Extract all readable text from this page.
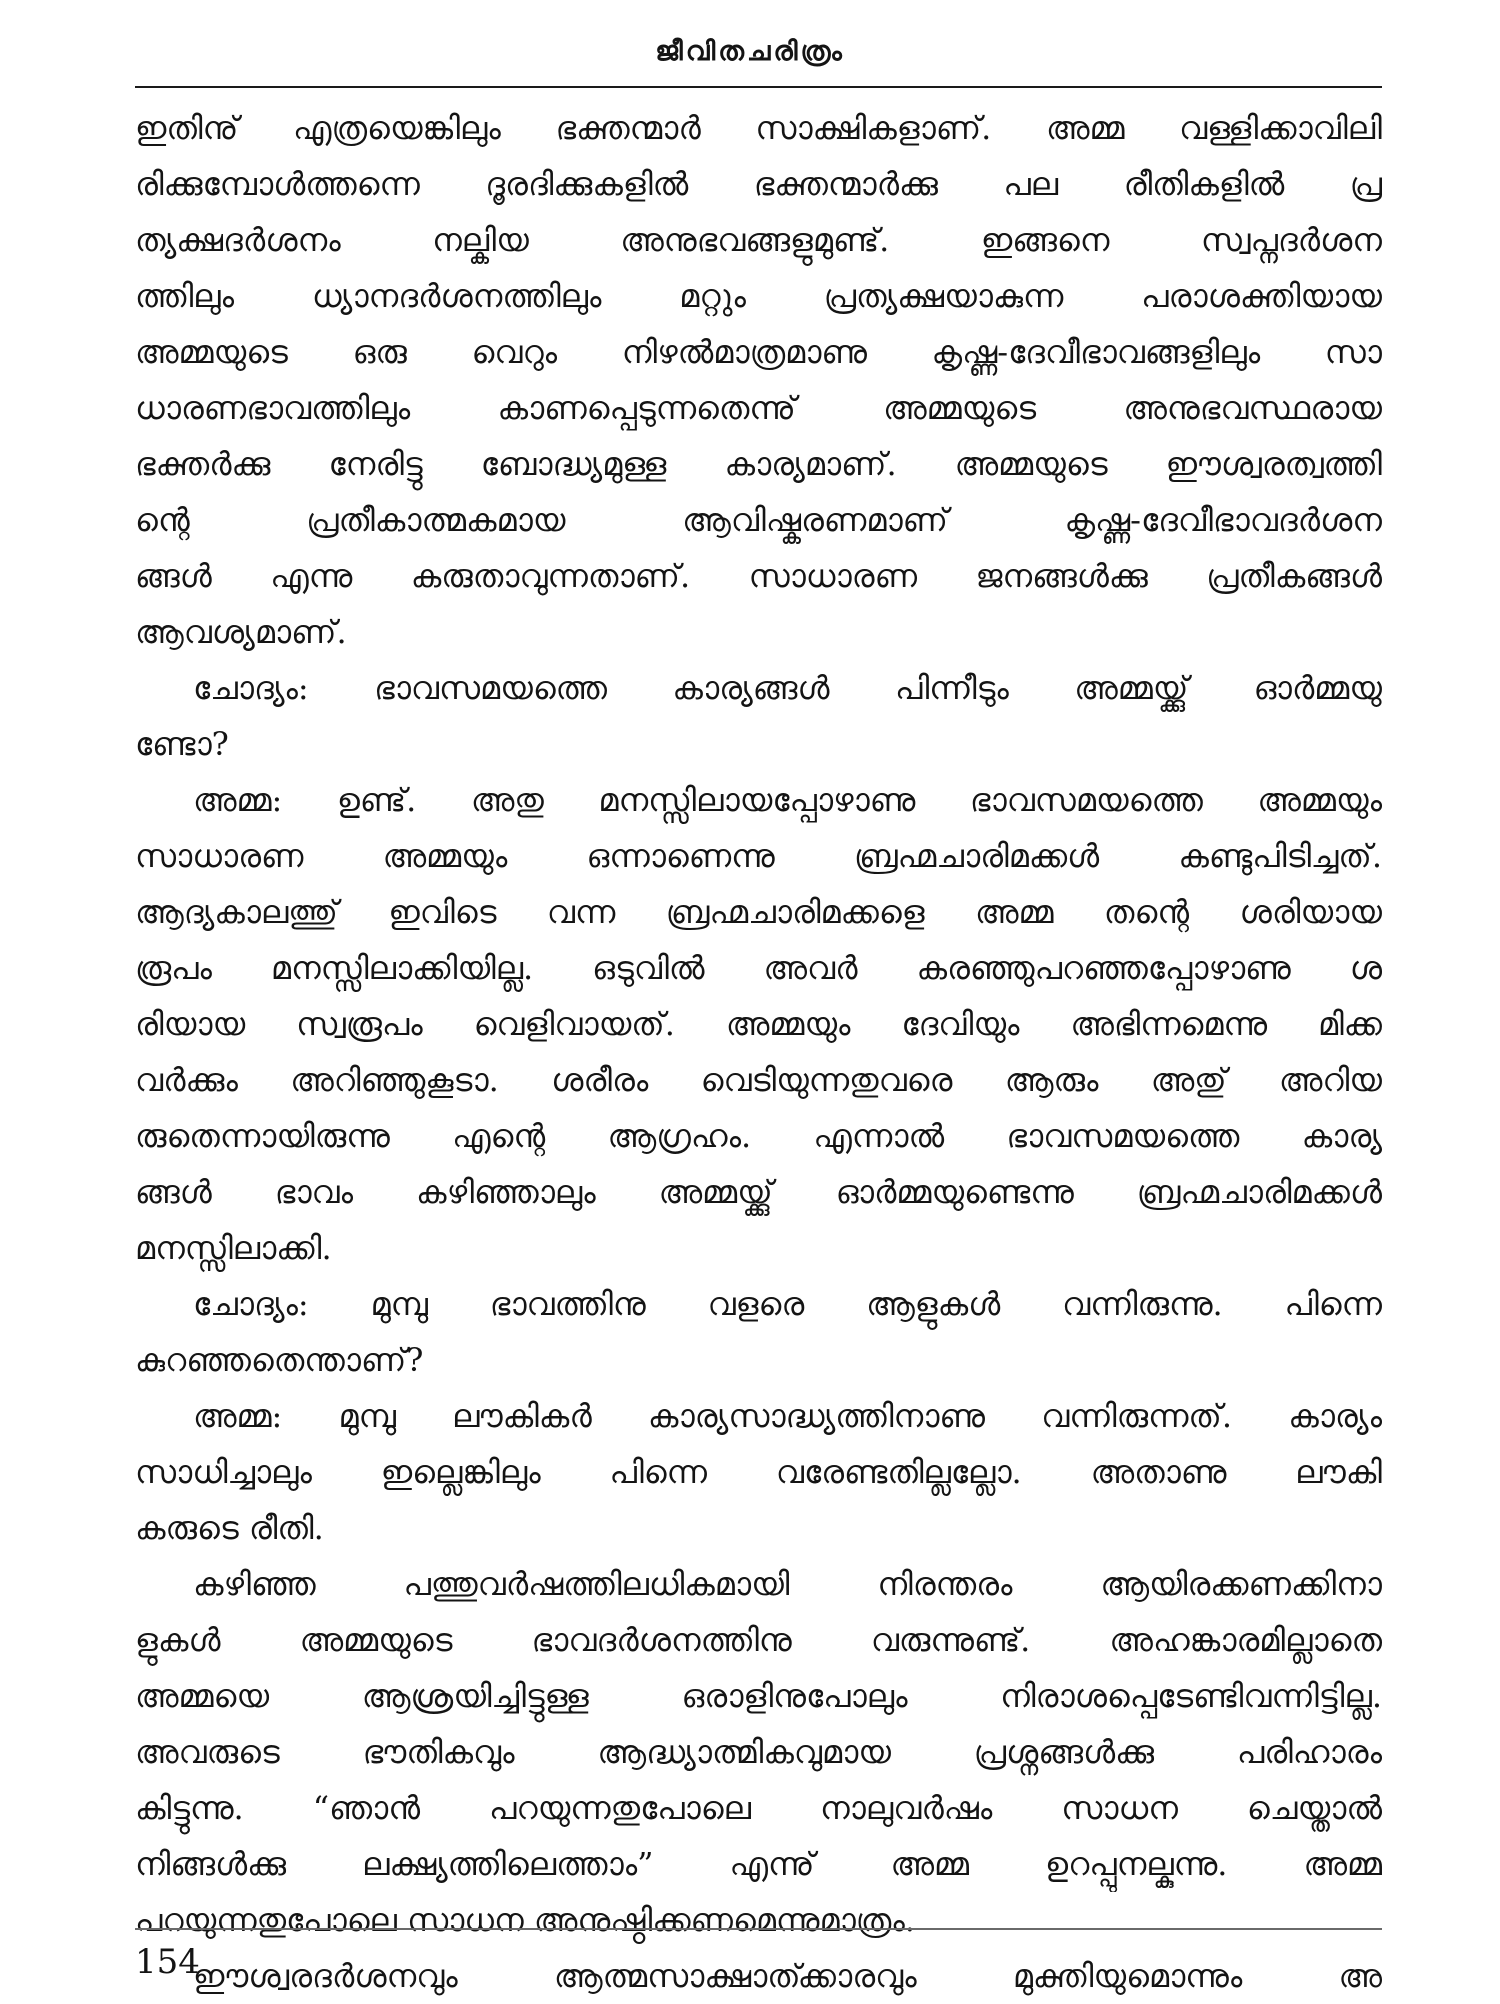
ജീവിതചരിത്രം
ഇതിനു് എത്രയെങ്കിലും ഭക്തന്മാർ സാക്ഷികളാണ്. അമ്മ വള്ളിക്കാവിലി
രിക്കുമ്പോൾത്തന്നെ ദൂരദിക്കുകളിൽ ഭക്തന്മാർക്കു പല രീതികളിൽ പ്ര
ത്യക്ഷദർശനം നല്കിയ അനുഭവങ്ങളുമുണ്ട്. ഇങ്ങനെ സ്വപ്നദർശന
ത്തിലും ധ്യാനദർശനത്തിലും മറ്റും പ്രത്യക്ഷയാകുന്ന പരാശക്തിയായ
അമ്മയുടെ ഒരു വെറും നിഴൽമാത്രമാണു കൃഷ്ണ-ദേവീഭാവങ്ങളിലും സാ
ധാരണഭാവത്തിലും കാണപ്പെടുന്നതെന്നു് അമ്മയുടെ അനുഭവസ്ഥരായ
ഭക്തർക്കു നേരിട്ടു ബോദ്ധ്യമുള്ള കാര്യമാണ്. അമ്മയുടെ ഈശ്വരത്വത്തി
ന്റെ പ്രതീകാത്മകമായ ആവിഷ്കരണമാണ് കൃഷ്ണ-ദേവീഭാവദർശന
ങ്ങൾ എന്നു കരുതാവുന്നതാണ്. സാധാരണ ജനങ്ങൾക്കു പ്രതീകങ്ങൾ
ആവശ്യമാണ്.
ചോദ്യം: ഭാവസമയത്തെ കാര്യങ്ങൾ പിന്നീടും അമ്മയ്ക്കു് ഓർമ്മയു
ണ്ടോ?
അമ്മ: ഉണ്ട്. അതു മനസ്സിലായപ്പോഴാണു ഭാവസമയത്തെ അമ്മയും
സാധാരണ അമ്മയും ഒന്നാണെന്നു ബ്രഹ്മചാരിമക്കൾ കണ്ടുപിടിച്ചത്.
ആദ്യകാലത്തു് ഇവിടെ വന്ന ബ്രഹ്മചാരിമക്കളെ അമ്മ തന്റെ ശരിയായ
രൂപം മനസ്സിലാക്കിയില്ല. ഒടുവിൽ അവർ കരഞ്ഞുപറഞ്ഞപ്പോഴാണു ശ
രിയായ സ്വരൂപം വെളിവായത്. അമ്മയും ദേവിയും അഭിന്നമെന്നു മിക്ക
വർക്കും അറിഞ്ഞുകൂടാ. ശരീരം വെടിയുന്നതുവരെ ആരും അതു് അറിയ
രുതെന്നായിരുന്നു എന്റെ ആഗ്രഹം. എന്നാൽ ഭാവസമയത്തെ കാര്യ
ങ്ങൾ ഭാവം കഴിഞ്ഞാലും അമ്മയ്ക്കു് ഓർമ്മയുണ്ടെന്നു ബ്രഹ്മചാരിമക്കൾ
മനസ്സിലാക്കി.
ചോദ്യം: മുമ്പു ഭാവത്തിനു വളരെ ആളുകൾ വന്നിരുന്നു. പിന്നെ
കുറഞ്ഞതെന്താണ്?
അമ്മ: മുമ്പു ലൗകികർ കാര്യസാദ്ധ്യത്തിനാണു വന്നിരുന്നത്. കാര്യം
സാധിച്ചാലും ഇല്ലെങ്കിലും പിന്നെ വരേണ്ടതില്ലല്ലോ. അതാണു ലൗകി
കരുടെ രീതി.
കഴിഞ്ഞ പത്തുവർഷത്തിലധികമായി നിരന്തരം ആയിരക്കണക്കിനാ
ളുകൾ അമ്മയുടെ ഭാവദർശനത്തിനു വരുന്നുണ്ട്. അഹങ്കാരമില്ലാതെ
അമ്മയെ ആശ്രയിച്ചിട്ടുള്ള ഒരാളിനുപോലും നിരാശപ്പെടേണ്ടിവന്നിട്ടില്ല.
അവരുടെ ഭൗതികവും ആദ്ധ്യാത്മികവുമായ പ്രശ്നങ്ങൾക്കു പരിഹാരം
കിട്ടുന്നു. “ഞാൻ പറയുന്നതുപോലെ നാലുവർഷം സാധന ചെയ്താൽ
നിങ്ങൾക്കു ലക്ഷ്യത്തിലെത്താം” എന്നു് അമ്മ ഉറപ്പുനല്കുന്നു. അമ്മ
പറയുന്നതുപോലെ സാധന അനുഷ്ഠിക്കണമെന്നുമാത്രം.
ഈശ്വരദർശനവും ആത്മസാക്ഷാത്ക്കാരവും മുക്തിയുമൊന്നും അ
154
